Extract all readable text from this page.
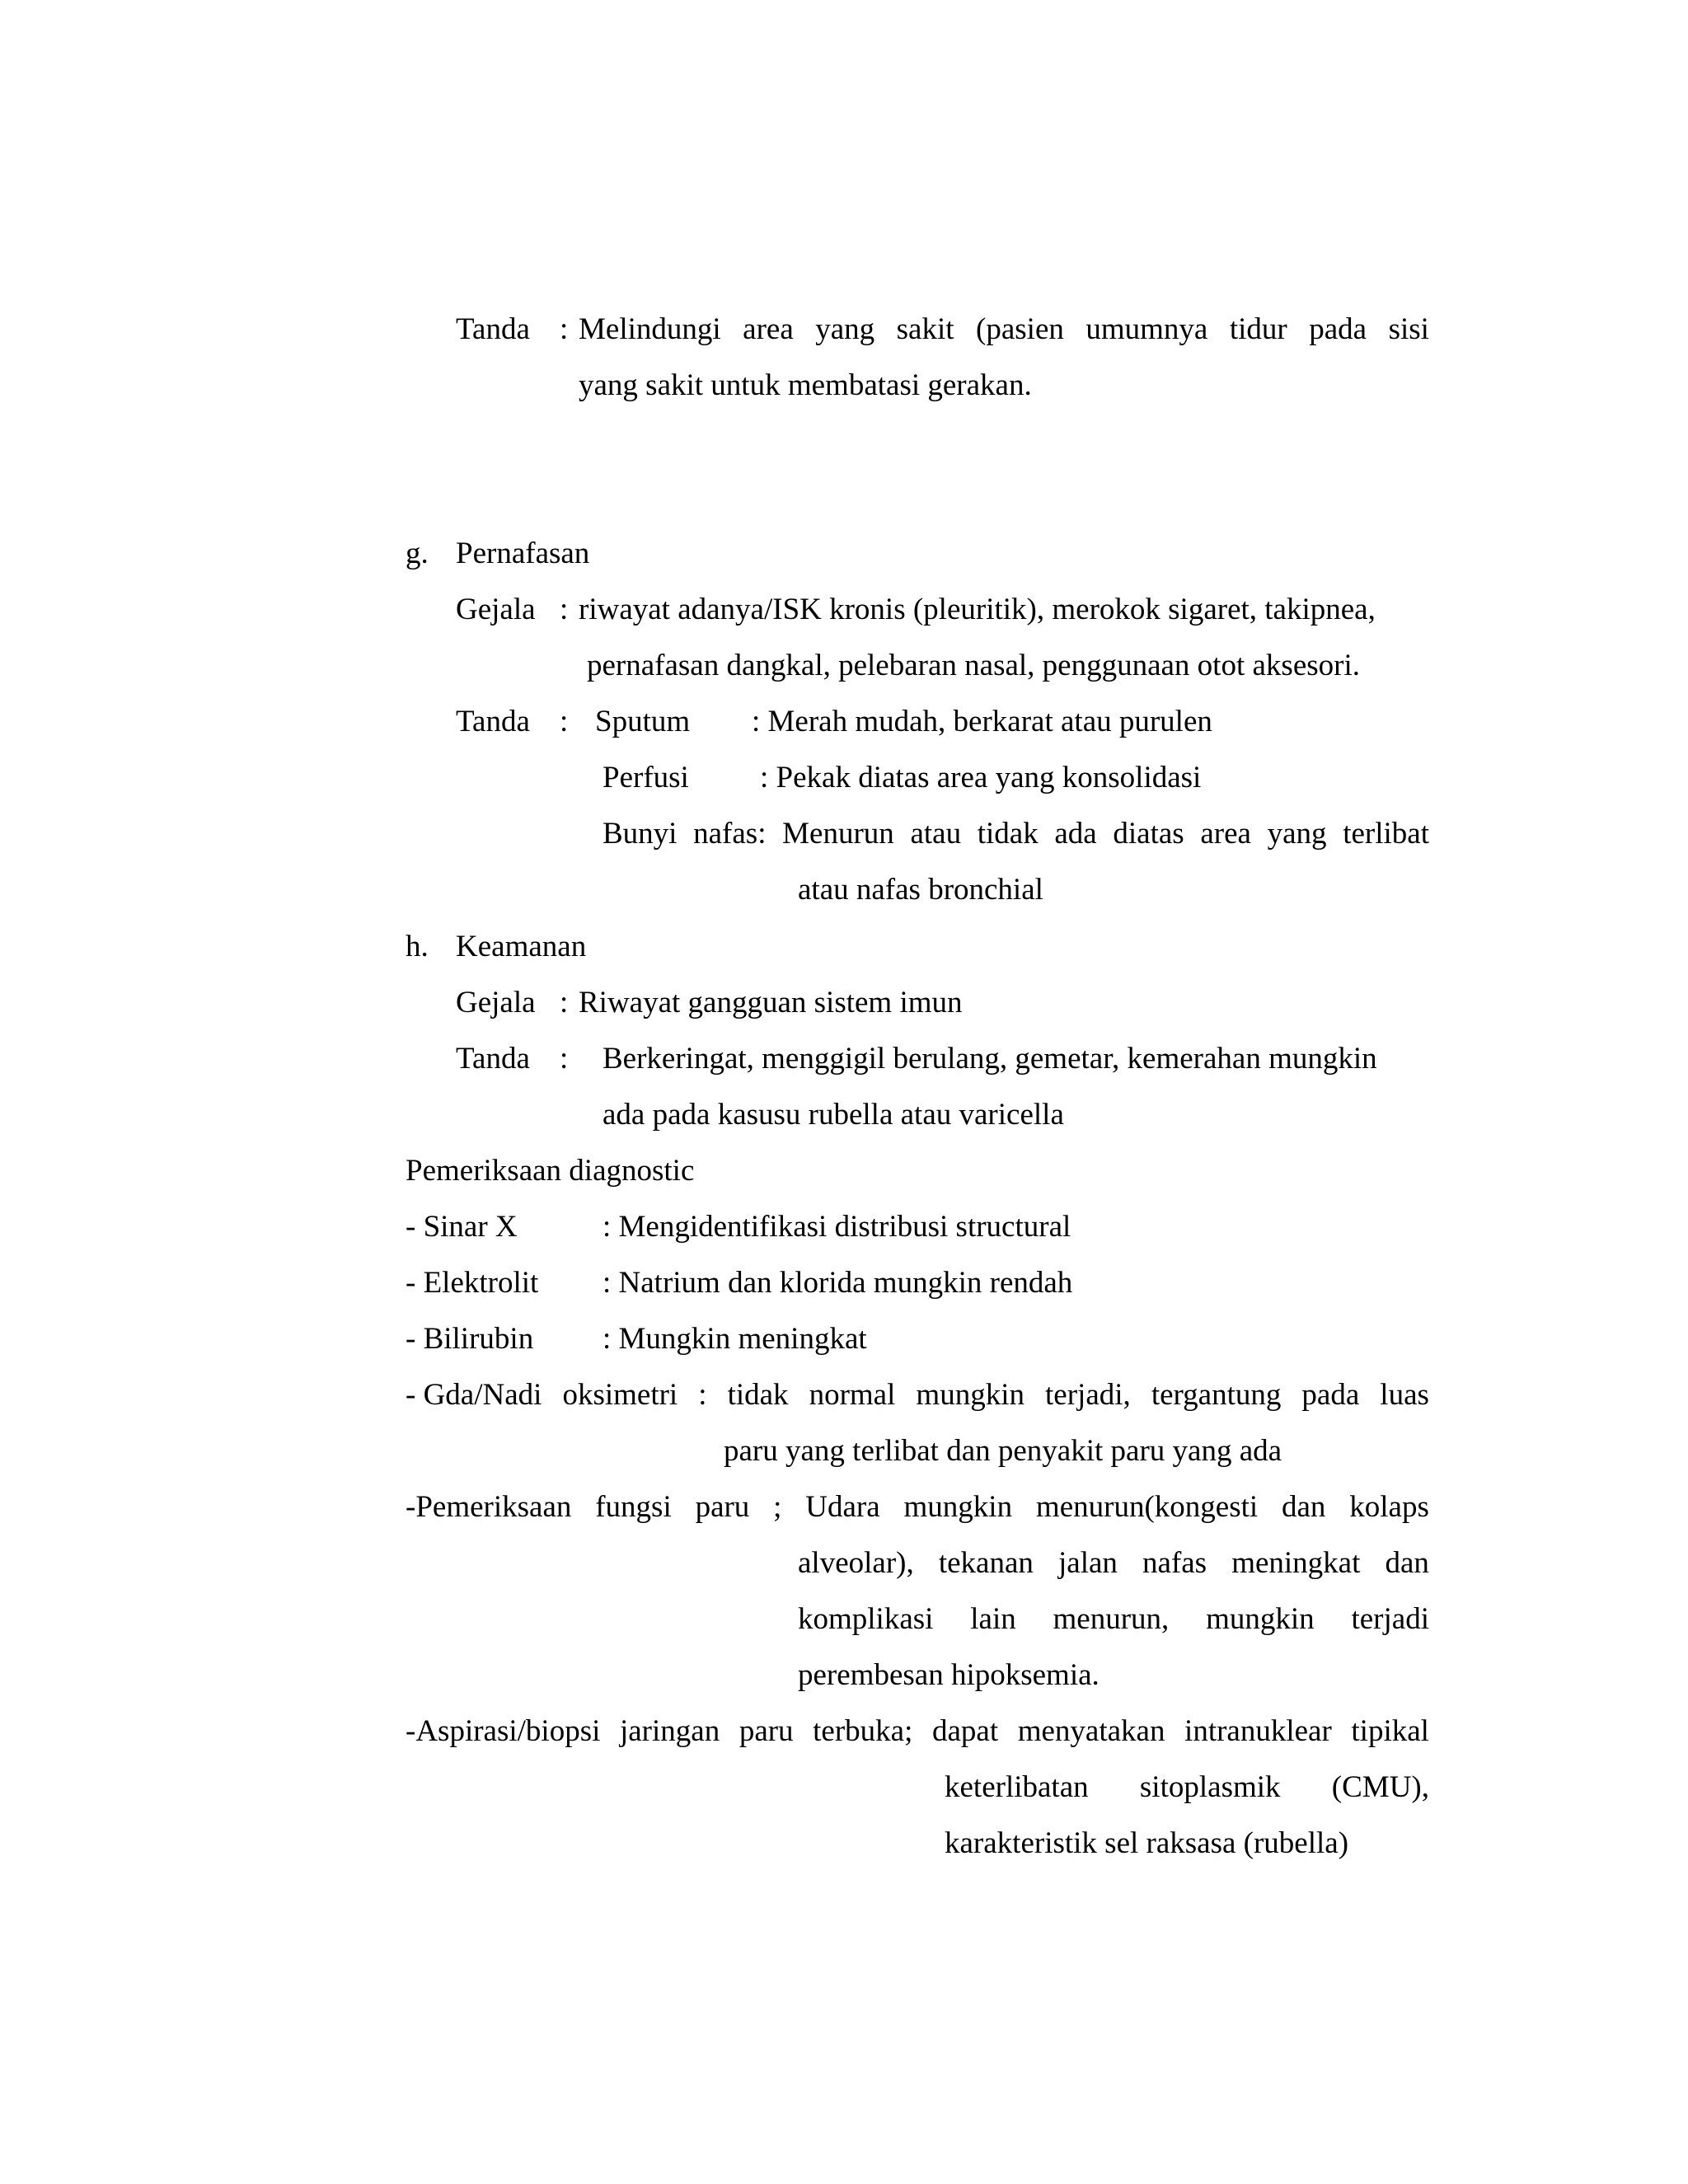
Tanda : Melindungi area yang sakit (pasien umumnya tidur pada sisi
yang sakit untuk membatasi gerakan.
g. Pernafasan
Gejala : riwayat adanya/ISK kronis (pleuritik), merokok sigaret, takipnea,
pernafasan dangkal, pelebaran nasal, penggunaan otot aksesori.
Tanda : Sputum : Merah mudah, berkarat atau purulen
Perfusi : Pekak diatas area yang konsolidasi
Bunyi nafas: Menurun atau tidak ada diatas area yang terlibat
atau nafas bronchial
h. Keamanan
Gejala : Riwayat gangguan sistem imun
Tanda : Berkeringat, menggigil berulang, gemetar, kemerahan mungkin
ada pada kasusu rubella atau varicella
Pemeriksaan diagnostic
- Sinar X	: Mengidentifikasi distribusi structural
- Elektrolit : Natrium dan klorida mungkin rendah
- Bilirubin : Mungkin meningkat
- Gda/Nadi oksimetri : tidak normal mungkin terjadi, tergantung pada luas
paru yang terlibat dan penyakit paru yang ada
-Pemeriksaan fungsi paru ; Udara mungkin menurun(kongesti dan kolaps
alveolar), tekanan jalan nafas meningkat dan
komplikasi lain menurun, mungkin terjadi
perembesan hipoksemia.
-Aspirasi/biopsi jaringan paru terbuka; dapat menyatakan intranuklear tipikal
keterlibatan sitoplasmik (CMU),
karakteristik sel raksasa (rubella)
